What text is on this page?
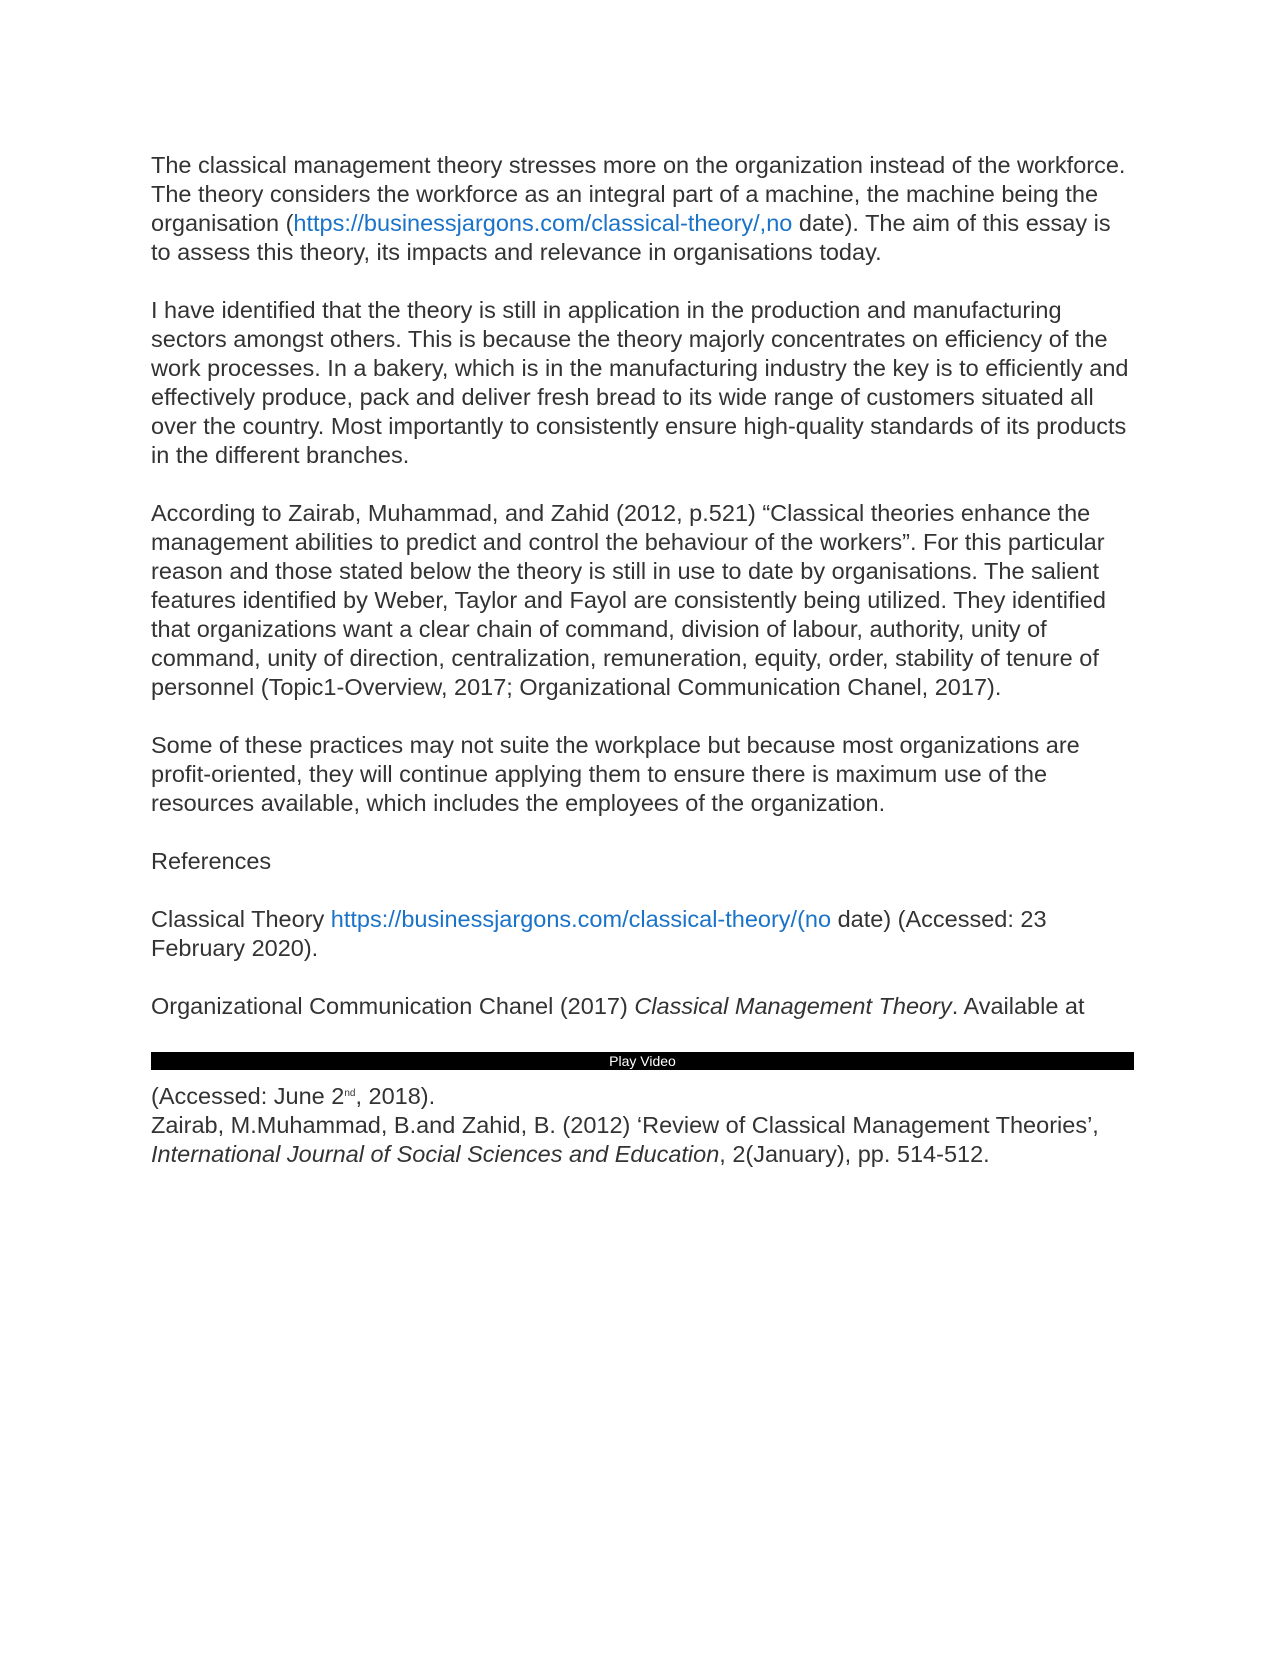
The classical management theory stresses more on the organization instead of the workforce. The theory considers the workforce as an integral part of a machine, the machine being the organisation (https://businessjargons.com/classical-theory/,no date). The aim of this essay is to assess this theory, its impacts and relevance in organisations today.

I have identified that the theory is still in application in the production and manufacturing sectors amongst others. This is because the theory majorly concentrates on efficiency of the work processes. In a bakery, which is in the manufacturing industry the key is to efficiently and effectively produce, pack and deliver fresh bread to its wide range of customers situated all over the country. Most importantly to consistently ensure high-quality standards of its products in the different branches.

According to Zairab, Muhammad, and Zahid (2012, p.521) “Classical theories enhance the management abilities to predict and control the behaviour of the workers”. For this particular reason and those stated below the theory is still in use to date by organisations. The salient features identified by Weber, Taylor and Fayol are consistently being utilized. They identified that organizations want a clear chain of command, division of labour, authority, unity of command, unity of direction, centralization, remuneration, equity, order, stability of tenure of personnel (Topic1-Overview, 2017; Organizational Communication Chanel, 2017).

Some of these practices may not suite the workplace but because most organizations are profit-oriented, they will continue applying them to ensure there is maximum use of the resources available, which includes the employees of the organization.

References

Classical Theory https://businessjargons.com/classical-theory/(no date) (Accessed: 23 February 2020).

Organizational Communication Chanel (2017) Classical Management Theory. Available at

Play Video

(Accessed: June 2nd, 2018).

Zairab, M.Muhammad, B.and Zahid, B. (2012) ‘Review of Classical Management Theories’, International Journal of Social Sciences and Education, 2(January), pp. 514-512.
